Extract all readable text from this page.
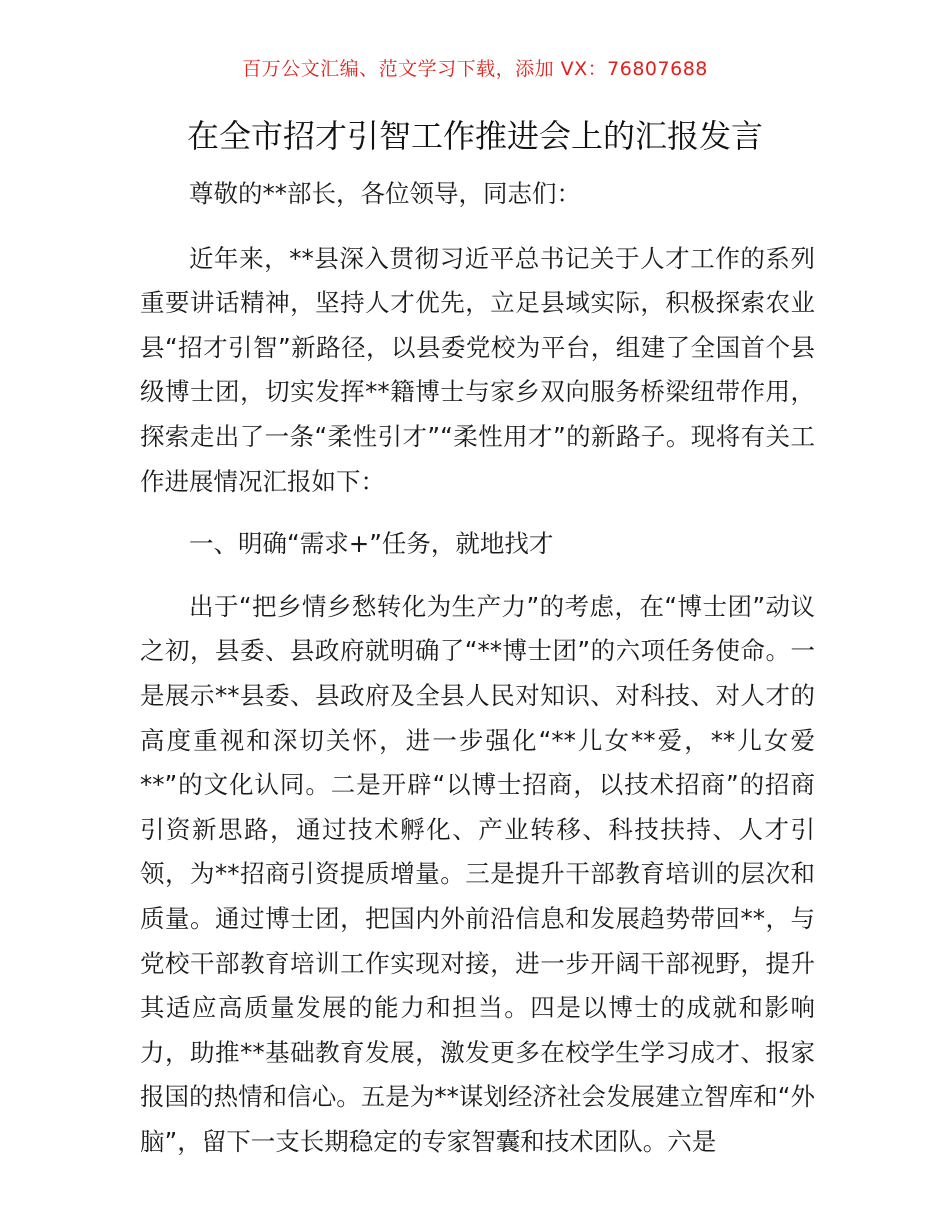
百万公文汇编、范文学习下载，添加 VX：76807688
在全市招才引智工作推进会上的汇报发言

尊敬的**部长，各位领导，同志们：

近年来，**县深入贯彻习近平总书记关于人才工作的系列重要讲话精神，坚持人才优先，立足县域实际，积极探索农业县“招才引智”新路径，以县委党校为平台，组建了全国首个县级博士团，切实发挥**籍博士与家乡双向服务桥梁纽带作用，探索走出了一条“柔性引才”“柔性用才”的新路子。现将有关工作进展情况汇报如下：

一、明确“需求+”任务，就地找才

出于“把乡情乡愁转化为生产力”的考虑，在“博士团”动议之初，县委、县政府就明确了“**博士团”的六项任务使命。一是展示**县委、县政府及全县人民对知识、对科技、对人才的高度重视和深切关怀，进一步强化“**儿女**爱，**儿女爱**”的文化认同。二是开辟“以博士招商，以技术招商”的招商引资新思路，通过技术孵化、产业转移、科技扶持、人才引领，为**招商引资提质增量。三是提升干部教育培训的层次和质量。通过博士团，把国内外前沿信息和发展趋势带回**，与党校干部教育培训工作实现对接，进一步开阔干部视野，提升其适应高质量发展的能力和担当。四是以博士的成就和影响力，助推**基础教育发展，激发更多在校学生学习成才、报家报国的热情和信心。五是为**谋划经济社会发展建立智库和“外脑”，留下一支长期稳定的专家智囊和技术团队。六是
